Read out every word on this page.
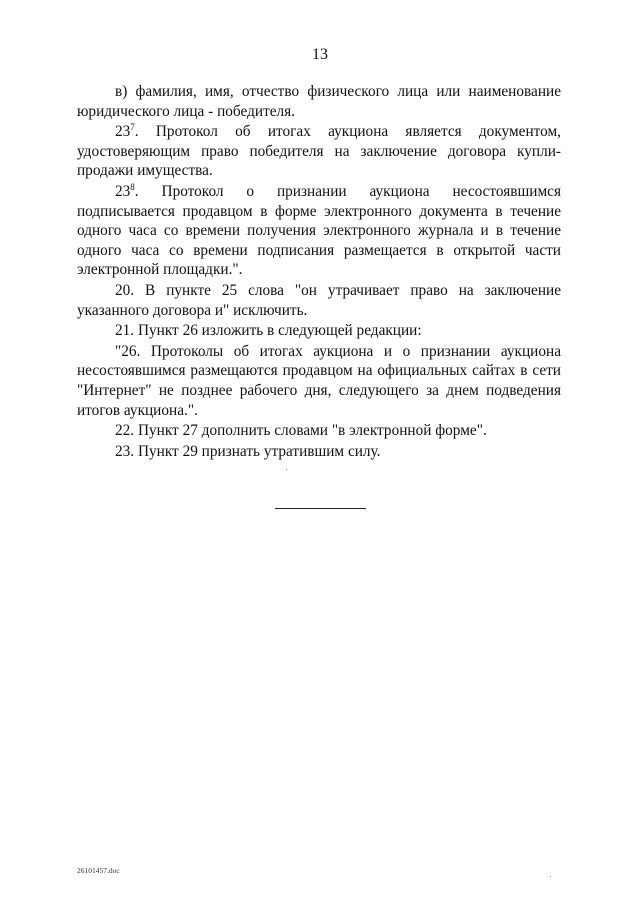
13

в) фамилия, имя, отчество физического лица или наименование юридического лица - победителя.

$23^7$. Протокол об итогах аукциона является документом, удостоверяющим право победителя на заключение договора купли-продажи имущества.

$23^8$. Протокол о признании аукциона несостоявшимся подписывается продавцом в форме электронного документа в течение одного часа со времени получения электронного журнала и в течение одного часа со времени подписания размещается в открытой части электронной площадки.".

20. В пункте 25 слова "он утрачивает право на заключение указанного договора и" исключить.

21. Пункт 26 изложить в следующей редакции:

"26. Протоколы об итогах аукциона и о признании аукциона несостоявшимся размещаются продавцом на официальных сайтах в сети "Интернет" не позднее рабочего дня, следующего за днем подведения итогов аукциона.".

22. Пункт 27 дополнить словами "в электронной форме".

23. Пункт 29 признать утратившим силу.

26101457.doc
